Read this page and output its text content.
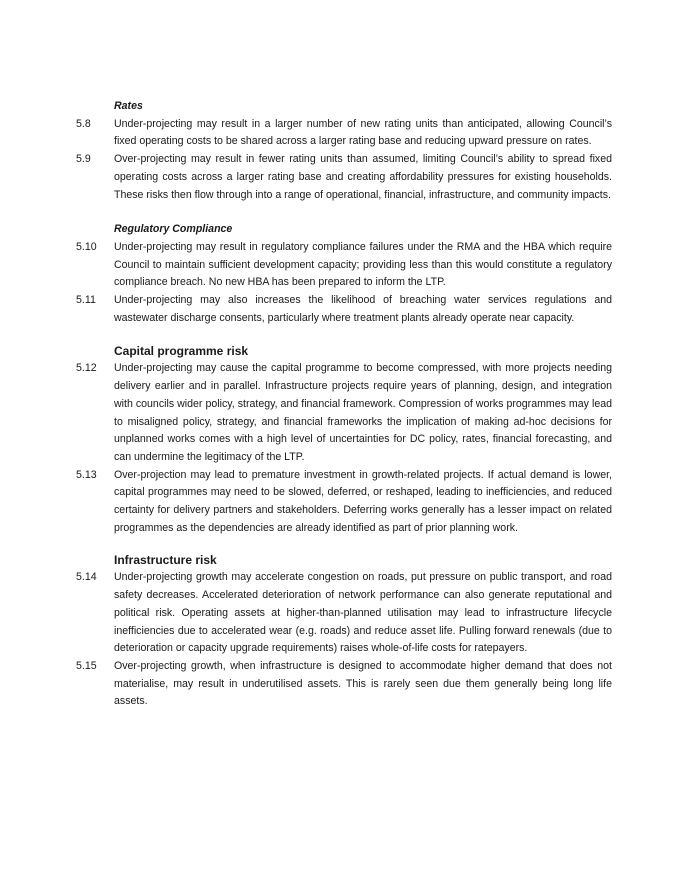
Rates
5.8	Under-projecting may result in a larger number of new rating units than anticipated, allowing Council’s fixed operating costs to be shared across a larger rating base and reducing upward pressure on rates.
5.9	Over-projecting may result in fewer rating units than assumed, limiting Council’s ability to spread fixed operating costs across a larger rating base and creating affordability pressures for existing households. These risks then flow through into a range of operational, financial, infrastructure, and community impacts.
Regulatory Compliance
5.10	Under-projecting may result in regulatory compliance failures under the RMA and the HBA which require Council to maintain sufficient development capacity; providing less than this would constitute a regulatory compliance breach. No new HBA has been prepared to inform the LTP.
5.11	Under-projecting may also increases the likelihood of breaching water services regulations and wastewater discharge consents, particularly where treatment plants already operate near capacity.
Capital programme risk
5.12	Under-projecting may cause the capital programme to become compressed, with more projects needing delivery earlier and in parallel. Infrastructure projects require years of planning, design, and integration with councils wider policy, strategy, and financial framework. Compression of works programmes may lead to misaligned policy, strategy, and financial frameworks the implication of making ad-hoc decisions for unplanned works comes with a high level of uncertainties for DC policy, rates, financial forecasting, and can undermine the legitimacy of the LTP.
5.13	Over-projection may lead to premature investment in growth-related projects. If actual demand is lower, capital programmes may need to be slowed, deferred, or reshaped, leading to inefficiencies, and reduced certainty for delivery partners and stakeholders. Deferring works generally has a lesser impact on related programmes as the dependencies are already identified as part of prior planning work.
Infrastructure risk
5.14	Under-projecting growth may accelerate congestion on roads, put pressure on public transport, and road safety decreases. Accelerated deterioration of network performance can also generate reputational and political risk. Operating assets at higher-than-planned utilisation may lead to infrastructure lifecycle inefficiencies due to accelerated wear (e.g. roads) and reduce asset life. Pulling forward renewals (due to deterioration or capacity upgrade requirements) raises whole-of-life costs for ratepayers.
5.15	Over-projecting growth, when infrastructure is designed to accommodate higher demand that does not materialise, may result in underutilised assets. This is rarely seen due them generally being long life assets.
